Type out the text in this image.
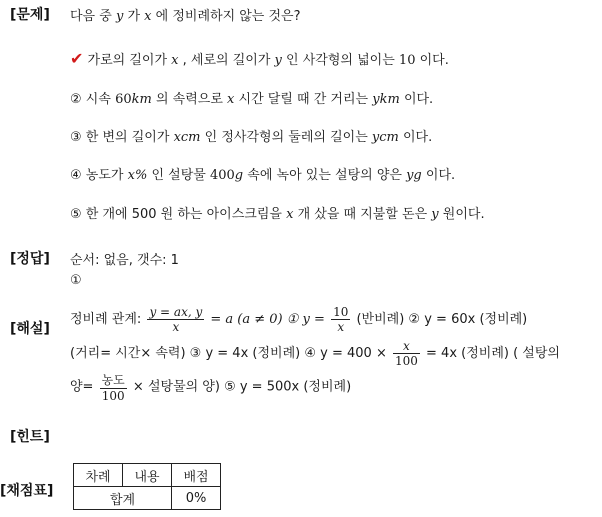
[문제] 다음 중 y 가 x 에 정비례하지 않는 것은?
✔ 가로의 길이가 x , 세로의 길이가 y 인 사각형의 넓이는 10 이다.
② 시속 60km 의 속력으로 x 시간 달릴 때 간 거리는 ykm 이다.
③ 한 변의 길이가 xcm 인 정사각형의 둘레의 길이는 ycm 이다.
④ 농도가 x% 인 설탕물 400g 속에 녹아 있는 설탕의 양은 yg 이다.
⑤ 한 개에 500 원 하는 아이스크림을 x 개 샀을 때 지불할 돈은 y 원이다.
[정답] 순서: 없음, 갯수: 1
①
[해설]
정비례 관계: $\frac{y = ax, y}{x} = a$ (a ≠ 0) ① $y = \frac{10}{x}$ (반비례) ② y = 60x (정비례)
(거리= 시간× 속력) ③ y = 4x (정비례) ④ $y = 400 \times \frac{x}{100} = 4x$ (정비례) ( 설탕의
양= $\frac{\text{농도}}{100}$ × 설탕물의 양) ⑤ y = 500x (정비례)
[힌트]
[채점표]
차례	내용	배점
합계		0%
